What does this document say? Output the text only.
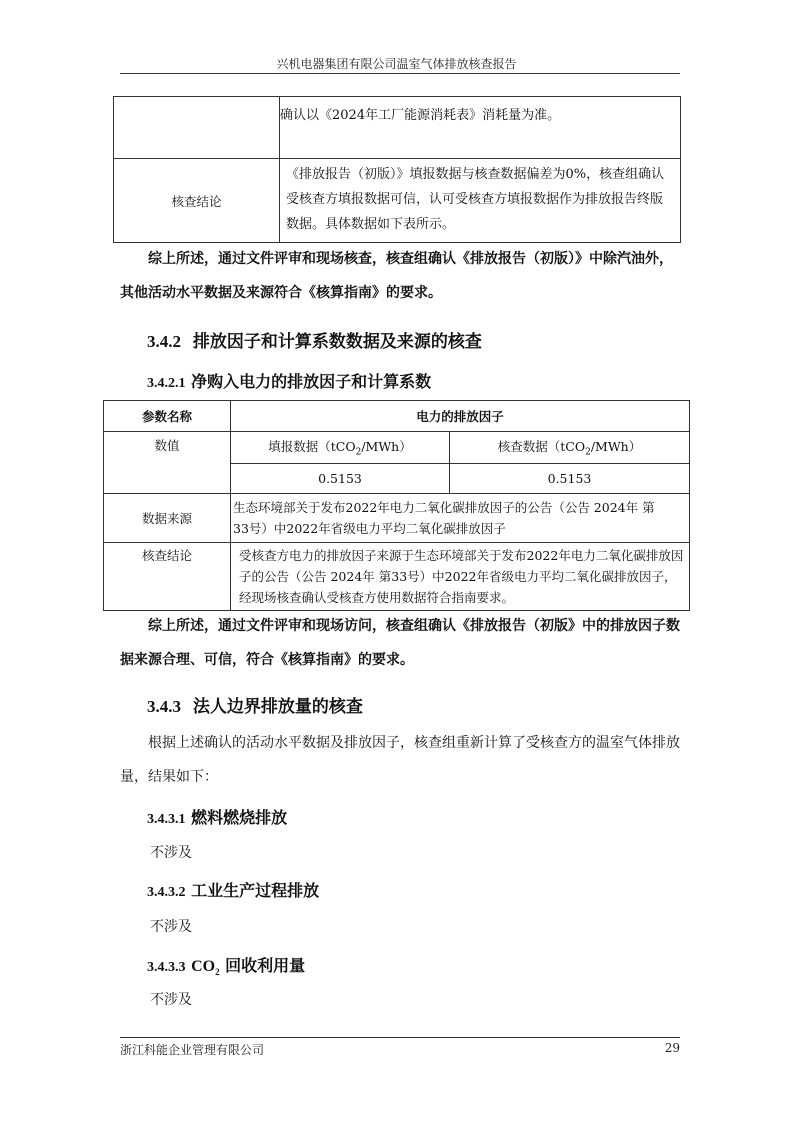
兴机电器集团有限公司温室气体排放核查报告
	确认以《2024年工厂能源消耗表》消耗量为准。
核查结论	《排放报告（初版）》填报数据与核查数据偏差为0%，核查组确认受核查方填报数据可信，认可受核查方填报数据作为排放报告终版数据。具体数据如下表所示。
综上所述，通过文件评审和现场核查，核查组确认《排放报告（初版）》中除汽油外，其他活动水平数据及来源符合《核算指南》的要求。
3.4.2 排放因子和计算系数数据及来源的核查
3.4.2.1 净购入电力的排放因子和计算系数
参数名称	电力的排放因子	
数值	填报数据（tCO$_2$/MWh）	核查数据（tCO$_2$/MWh）
	0.5153	0.5153
数据来源	生态环境部关于发布2022年电力二氧化碳排放因子的公告（公告 2024年 第33号）中2022年省级电力平均二氧化碳排放因子	
核查结论	受核查方电力的排放因子来源于生态环境部关于发布2022年电力二氧化碳排放因子的公告（公告 2024年 第33号）中2022年省级电力平均二氧化碳排放因子，经现场核查确认受核查方使用数据符合指南要求。	
综上所述，通过文件评审和现场访问，核查组确认《排放报告（初版》中的排放因子数据来源合理、可信，符合《核算指南》的要求。
3.4.3 法人边界排放量的核查
根据上述确认的活动水平数据及排放因子，核查组重新计算了受核查方的温室气体排放量，结果如下：
3.4.3.1 燃料燃烧排放
不涉及
3.4.3.2 工业生产过程排放
不涉及
3.4.3.3 $CO_2$ 回收利用量
不涉及
浙江科能企业管理有限公司	29
